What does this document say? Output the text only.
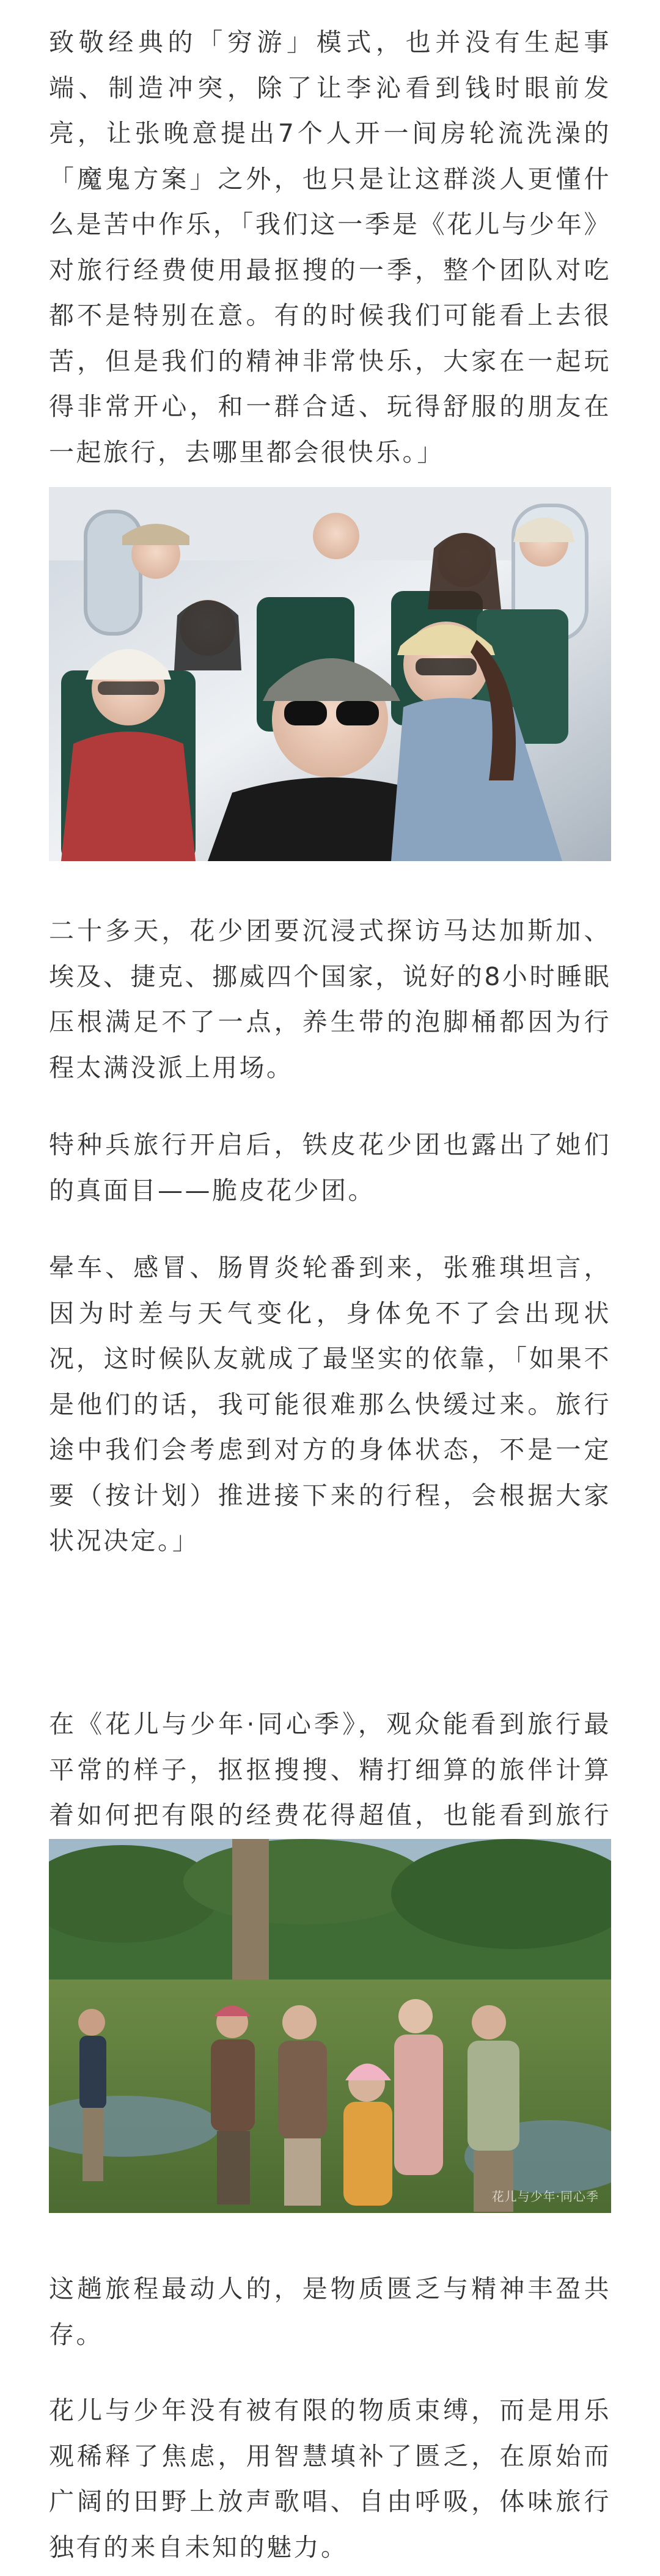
致敬经典的「穷游」模式，也并没有生起事端、制造冲突，除了让李沁看到钱时眼前发亮，让张晚意提出7个人开一间房轮流洗澡的「魔鬼方案」之外，也只是让这群淡人更懂什么是苦中作乐，「我们这一季是《花儿与少年》对旅行经费使用最抠搜的一季，整个团队对吃都不是特别在意。有的时候我们可能看上去很苦，但是我们的精神非常快乐，大家在一起玩得非常开心，和一群合适、玩得舒服的朋友在一起旅行，去哪里都会很快乐。」

二十多天，花少团要沉浸式探访马达加斯加、埃及、捷克、挪威四个国家，说好的8小时睡眠压根满足不了一点，养生带的泡脚桶都因为行程太满没派上用场。

特种兵旅行开启后，铁皮花少团也露出了她们的真面目——脆皮花少团。

晕车、感冒、肠胃炎轮番到来，张雅琪坦言，因为时差与天气变化，身体免不了会出现状况，这时候队友就成了最坚实的依靠，「如果不是他们的话，我可能很难那么快缓过来。旅行途中我们会考虑到对方的身体状态，不是一定要（按计划）推进接下来的行程，会根据大家状况决定。」

在《花儿与少年·同心季》，观众能看到旅行最平常的样子，抠抠搜搜、精打细算的旅伴计算着如何把有限的经费花得超值，也能看到旅行

花儿与少年·同心季

这趟旅程最动人的，是物质匮乏与精神丰盈共存。

花儿与少年没有被有限的物质束缚，而是用乐观稀释了焦虑，用智慧填补了匮乏，在原始而广阔的田野上放声歌唱、自由呼吸，体味旅行独有的来自未知的魅力。
